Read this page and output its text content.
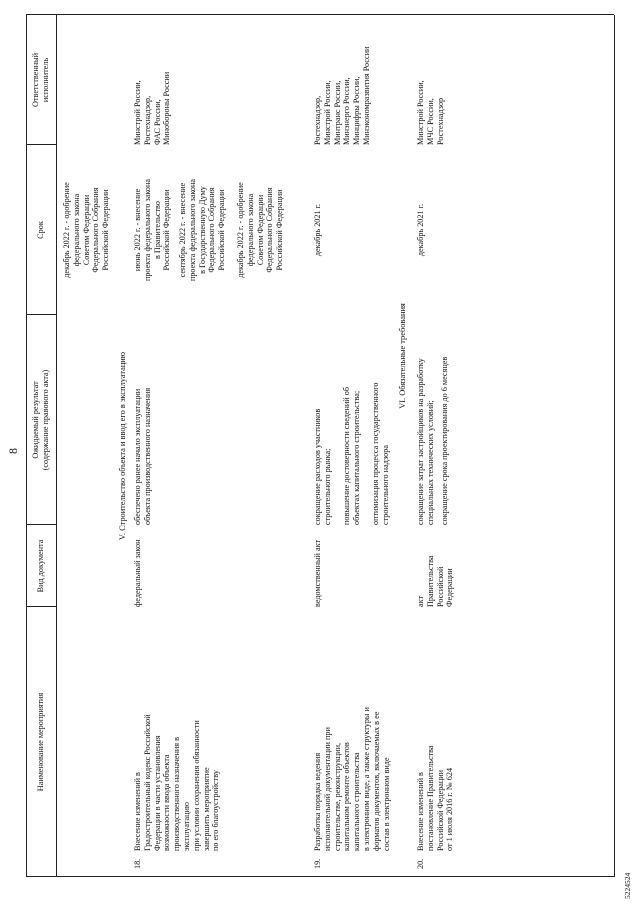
8
Наименование мероприятия
Вид документа
Ожидаемый результат
(содержание правового акта)
Срок
Ответственный
исполнитель
декабрь 2022 г. - одобрение
федерального закона
Советом Федерации
Федерального Собрания
Российской Федерации
V. Строительство объекта и ввод его в эксплуатацию
18.
Внесение изменений в
Градостроительный кодекс Российской
Федерации в части установления
возможности ввода объекта
производственного назначения в
эксплуатацию
при условии сохранения обязанности
завершить мероприятие
по его благоустройству
федеральный закон
обеспечено ранее начало эксплуатации
объекта производственного назначения
июнь 2022 г. - внесение
проекта федерального закона
в Правительство
Российской Федерации
сентябрь 2022 г. - внесение
проекта федерального закона
в Государственную Думу
Федерального Собрания
Российской Федерации
декабрь 2022 г. - одобрение
федерального закона
Советом Федерации
Федерального Собрания
Российской Федерации
Минстрой России,
Ростехнадзор,
ФАС России,
Минобороны России
19.
Разработка порядка ведения
исполнительной документации при
строительстве, реконструкции,
капитальном ремонте объектов
капитального строительства
в электронном виде, а также структуры и
форматов документов, включаемых в ее
состав в электронном виде
ведомственный акт
сокращение расходов участников
строительного рынка;
повышение достоверности сведений об
объектах капитального строительства;
оптимизация процесса государственного
строительного надзора
декабрь 2021 г.
Ростехнадзор,
Минстрой России,
Минтранс России,
Минэнерго России,
Минцифры России,
Минэкономразвития России
VI. Обязательные требования
20.
Внесение изменений в
постановление Правительства
Российской Федерации
от 1 июля 2016 г. № 624
акт
Правительства
Российской
Федерации
сокращение затрат застройщиков на разработку
специальных технических условий; сокращение срока проектирования до 6 месяцев
декабрь 2021 г.
Минстрой России,
МЧС России,
Ростехнадзор
5224524
